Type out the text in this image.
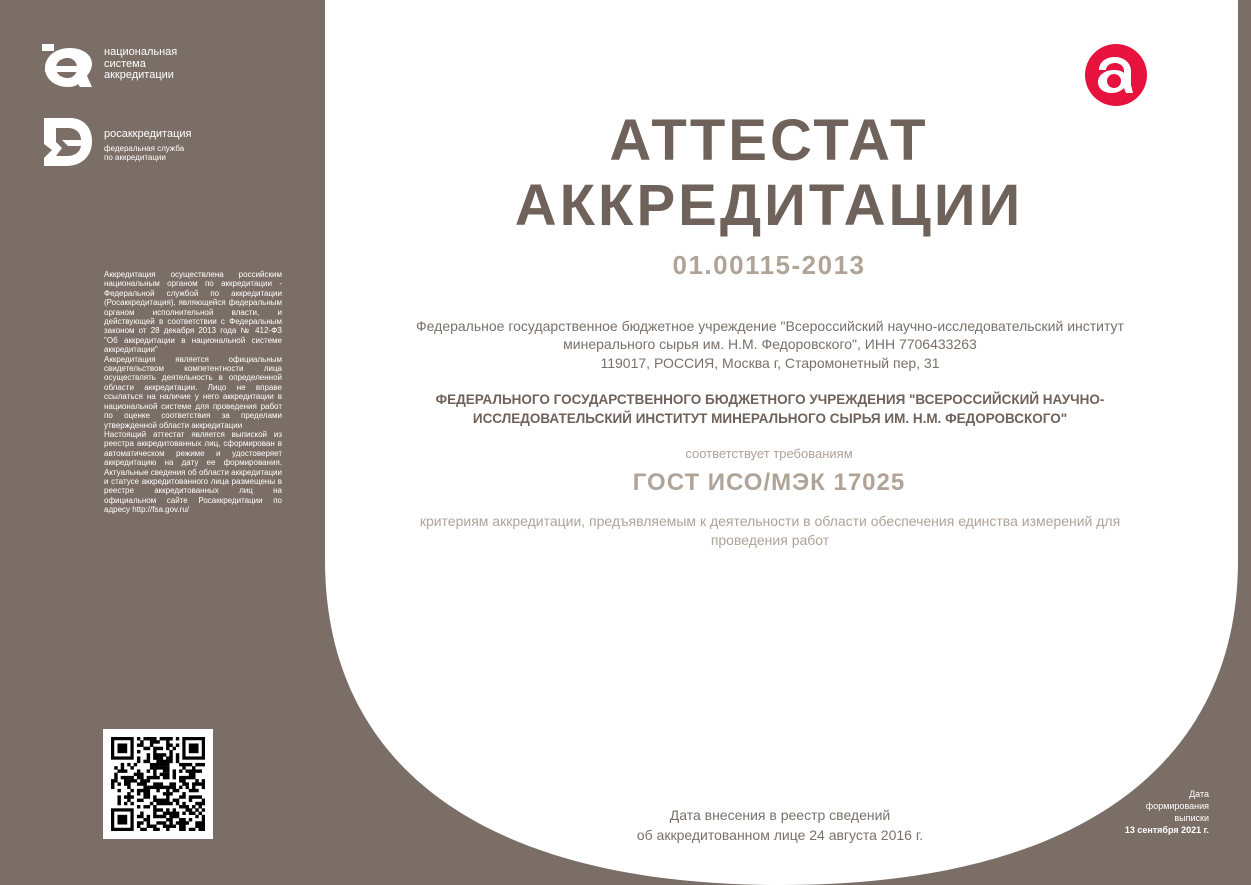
национальная
система
аккредитации
росаккредитация
федеральная служба
по аккредитации

Аккредитация осуществлена российским национальным органом по аккредитации - Федеральной службой по аккредитации (Росаккредитация), являющейся федеральным органом исполнительной власти, и действующей в соответствии с Федеральным законом от 28 декабря 2013 года № 412-ФЗ "Об аккредитации в национальной системе аккредитации"

Аккредитация является официальным свидетельством компетентности лица осуществлять деятельность в определенной области аккредитации. Лицо не вправе ссылаться на наличие у него аккредитации в национальной системе для проведения работ по оценке соответствия за пределами утвержденной области аккредитации

Настоящий аттестат является выпиской из реестра аккредитованных лиц, сформирован в автоматическом режиме и удостоверяет аккредитацию на дату ее формирования. Актуальные сведения об области аккредитации и статусе аккредитованного лица размещены в реестре аккредитованных лиц на официальном сайте Росаккредитации по адресу http://fsa.gov.ru/

АТТЕСТАТ
АККРЕДИТАЦИИ
01.00115-2013
Федеральное государственное бюджетное учреждение "Всероссийский научно-исследовательский институт
минерального сырья им. Н.М. Федоровского", ИНН 7706433263
119017, РОССИЯ, Москва г, Старомонетный пер, 31
ФЕДЕРАЛЬНОГО ГОСУДАРСТВЕННОГО БЮДЖЕТНОГО УЧРЕЖДЕНИЯ "ВСЕРОССИЙСКИЙ НАУЧНО-
ИССЛЕДОВАТЕЛЬСКИЙ ИНСТИТУТ МИНЕРАЛЬНОГО СЫРЬЯ ИМ. Н.М. ФЕДОРОВСКОГО"
соответствует требованиям
ГОСТ ИСО/МЭК 17025
критериям аккредитации, предъявляемым к деятельности в области обеспечения единства измерений для
проведения работ
Дата внесения в реестр сведений
об аккредитованном лице 24 августа 2016 г.
Дата
формирования
выписки
13 сентября 2021 г.
